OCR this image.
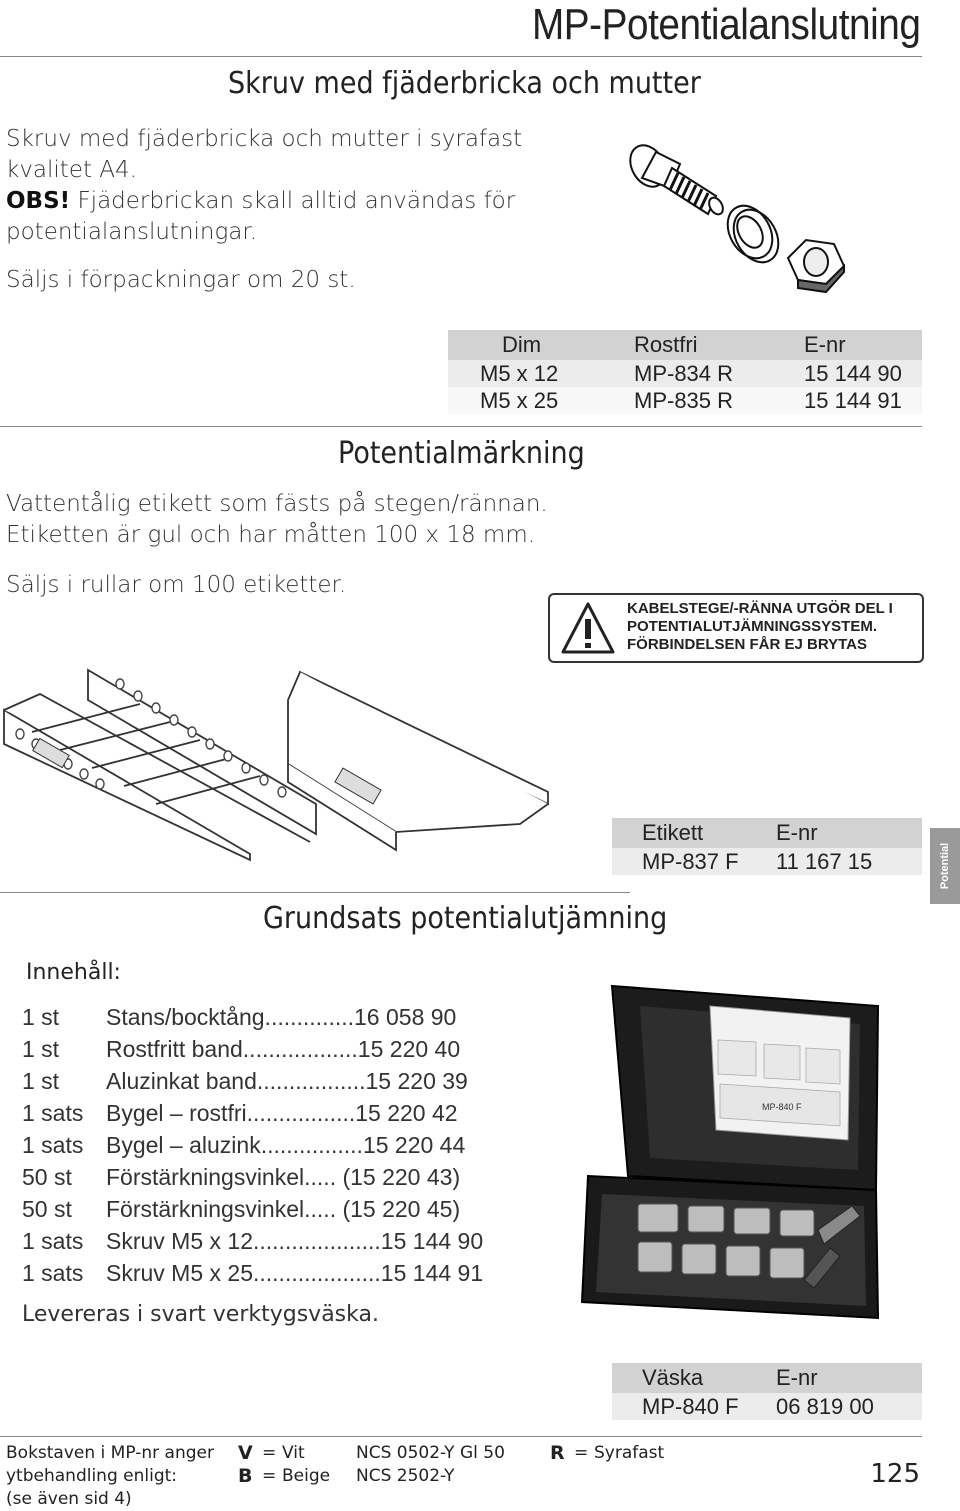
MP-Potentialanslutning
Skruv med fjäderbricka och mutter
Skruv med fjäderbricka och mutter i syrafast
kvalitet A4.
OBS! Fjäderbrickan skall alltid användas för
potentialanslutningar.
Säljs i förpackningar om 20 st.
Dim	Rostfri	E-nr
M5 x 12	MP-834 R	15 144 90
M5 x 25	MP-835 R	15 144 91
Potentialmärkning
Vattentålig etikett som fästs på stegen/rännan.
Etiketten är gul och har måtten 100 x 18 mm.
Säljs i rullar om 100 etiketter.
KABELSTEGE/-RÄNNA UTGÖR DEL I
POTENTIALUTJÄMNINGSSYSTEM.
FÖRBINDELSEN FÅR EJ BRYTAS
Etikett	E-nr
MP-837 F	11 167 15	Potential
Grundsats potentialutjämning
Innehåll:
1 st Stans/bocktång..............16 058 90
1 st Rostfritt band..................15 220 40
1 st Aluzinkat band.................15 220 39
1 sats Bygel – rostfri.................15 220 42
1 sats Bygel – aluzink................15 220 44
50 st Förstärkningsvinkel..... (15 220 43)
50 st Förstärkningsvinkel..... (15 220 45)
1 sats Skruv M5 x 12....................15 144 90
1 sats Skruv M5 x 25....................15 144 91
Levereras i svart verktygsväska.
MP-840 F
Väska	E-nr
MP-840 F	06 819 00
Bokstaven i MP-nr anger
ytbehandling enligt:
(se även sid 4)
V = Vit	NCS 0502-Y Gl 50
B = Beige NCS 2502-Y
R = Syrafast
125
